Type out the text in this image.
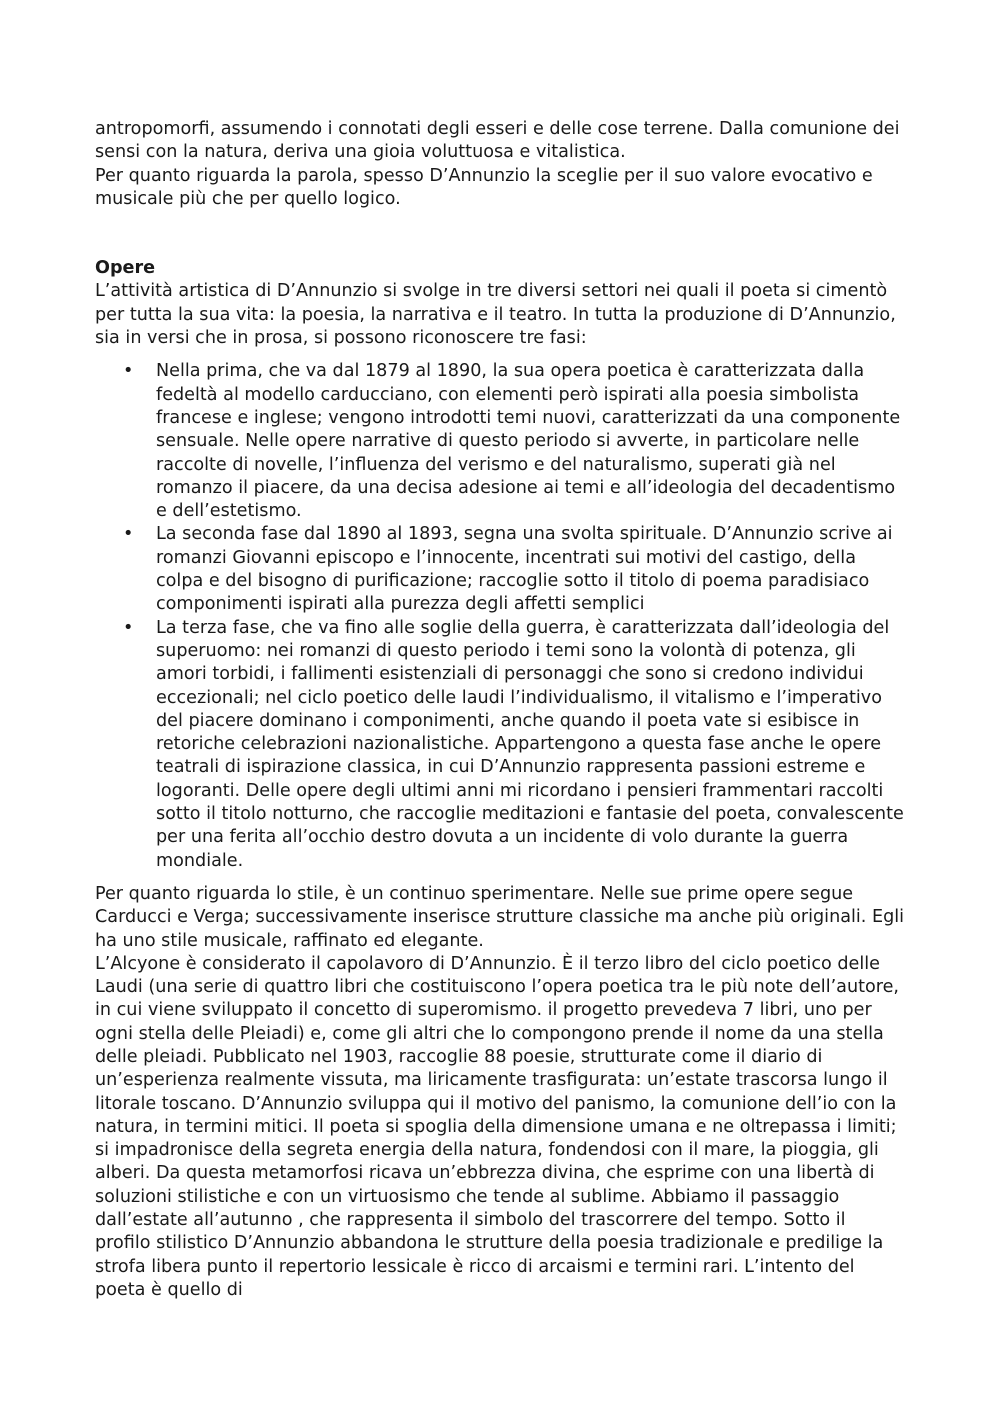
antropomorfi, assumendo i connotati degli esseri e delle cose terrene. Dalla comunione dei sensi con la natura, deriva una gioia voluttuosa e vitalistica.

Per quanto riguarda la parola, spesso D’Annunzio la sceglie per il suo valore evocativo e musicale più che per quello logico.

Opere

L’attività artistica di D’Annunzio si svolge in tre diversi settori nei quali il poeta si cimentò per tutta la sua vita: la poesia, la narrativa e il teatro. In tutta la produzione di D’Annunzio, sia in versi che in prosa, si possono riconoscere tre fasi:

• Nella prima, che va dal 1879 al 1890, la sua opera poetica è caratterizzata dalla fedeltà al modello carducciano, con elementi però ispirati alla poesia simbolista francese e inglese; vengono introdotti temi nuovi, caratterizzati da una componente sensuale. Nelle opere narrative di questo periodo si avverte, in particolare nelle raccolte di novelle, l’influenza del verismo e del naturalismo, superati già nel romanzo il piacere, da una decisa adesione ai temi e all’ideologia del decadentismo e dell’estetismo.
• La seconda fase dal 1890 al 1893, segna una svolta spirituale. D’Annunzio scrive ai romanzi Giovanni episcopo e l’innocente, incentrati sui motivi del castigo, della colpa e del bisogno di purificazione; raccoglie sotto il titolo di poema paradisiaco componimenti ispirati alla purezza degli affetti semplici
• La terza fase, che va fino alle soglie della guerra, è caratterizzata dall’ideologia del superuomo: nei romanzi di questo periodo i temi sono la volontà di potenza, gli amori torbidi, i fallimenti esistenziali di personaggi che sono si credono individui eccezionali; nel ciclo poetico delle laudi l’individualismo, il vitalismo e l’imperativo del piacere dominano i componimenti, anche quando il poeta vate si esibisce in retoriche celebrazioni nazionalistiche. Appartengono a questa fase anche le opere teatrali di ispirazione classica, in cui D’Annunzio rappresenta passioni estreme e logoranti. Delle opere degli ultimi anni mi ricordano i pensieri frammentari raccolti sotto il titolo notturno, che raccoglie meditazioni e fantasie del poeta, convalescente per una ferita all’occhio destro dovuta a un incidente di volo durante la guerra mondiale.

Per quanto riguarda lo stile, è un continuo sperimentare. Nelle sue prime opere segue Carducci e Verga; successivamente inserisce strutture classiche ma anche più originali. Egli ha uno stile musicale, raffinato ed elegante.

L’Alcyone è considerato il capolavoro di D’Annunzio. È il terzo libro del ciclo poetico delle Laudi (una serie di quattro libri che costituiscono l’opera poetica tra le più note dell’autore, in cui viene sviluppato il concetto di superomismo. il progetto prevedeva 7 libri, uno per ogni stella delle Pleiadi) e, come gli altri che lo compongono prende il nome da una stella delle pleiadi. Pubblicato nel 1903, raccoglie 88 poesie, strutturate come il diario di un’esperienza realmente vissuta, ma liricamente trasfigurata: un’estate trascorsa lungo il litorale toscano. D’Annunzio sviluppa qui il motivo del panismo, la comunione dell’io con la natura, in termini mitici. Il poeta si spoglia della dimensione umana e ne oltrepassa i limiti; si impadronisce della segreta energia della natura, fondendosi con il mare, la pioggia, gli alberi. Da questa metamorfosi ricava un’ebbrezza divina, che esprime con una libertà di soluzioni stilistiche e con un virtuosismo che tende al sublime. Abbiamo il passaggio dall’estate all’autunno , che rappresenta il simbolo del trascorrere del tempo. Sotto il profilo stilistico D’Annunzio abbandona le strutture della poesia tradizionale e predilige la strofa libera punto il repertorio lessicale è ricco di arcaismi e termini rari. L’intento del poeta è quello di
